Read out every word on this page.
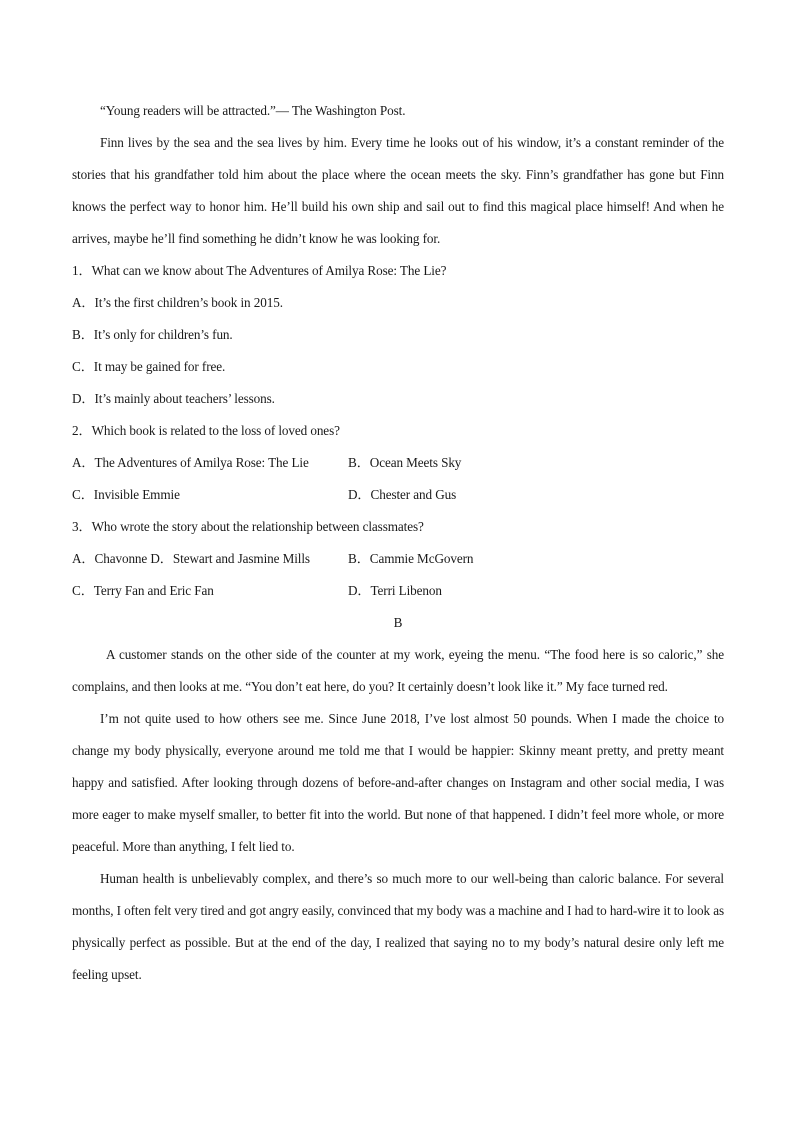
“Young readers will be attracted.”— The Washington Post.

Finn lives by the sea and the sea lives by him. Every time he looks out of his window, it’s a constant reminder of the stories that his grandfather told him about the place where the ocean meets the sky. Finn’s grandfather has gone but Finn knows the perfect way to honor him. He’ll build his own ship and sail out to find this magical place himself! And when he arrives, maybe he’ll find something he didn’t know he was looking for.

1．What can we know about The Adventures of Amilya Rose: The Lie?

A．It’s the first children’s book in 2015.

B．It’s only for children’s fun.

C．It may be gained for free.

D．It’s mainly about teachers’ lessons.

2．Which book is related to the loss of loved ones?

A．The Adventures of Amilya Rose: The Lie	B．Ocean Meets Sky
C．Invisible Emmie	D．Chester and Gus

3．Who wrote the story about the relationship between classmates?

A．Chavonne D．Stewart and Jasmine Mills	B．Cammie McGovern
C．Terry Fan and Eric Fan	D．Terri Libenon

B

A customer stands on the other side of the counter at my work, eyeing the menu. “The food here is so caloric,” she complains, and then looks at me. “You don’t eat here, do you? It certainly doesn’t look like it.” My face turned red.

I’m not quite used to how others see me. Since June 2018, I’ve lost almost 50 pounds. When I made the choice to change my body physically, everyone around me told me that I would be happier: Skinny meant pretty, and pretty meant happy and satisfied. After looking through dozens of before-and-after changes on Instagram and other social media, I was more eager to make myself smaller, to better fit into the world. But none of that happened. I didn’t feel more whole, or more peaceful. More than anything, I felt lied to.

Human health is unbelievably complex, and there’s so much more to our well-being than caloric balance. For several months, I often felt very tired and got angry easily, convinced that my body was a machine and I had to hard-wire it to look as physically perfect as possible. But at the end of the day, I realized that saying no to my body’s natural desire only left me feeling upset.
